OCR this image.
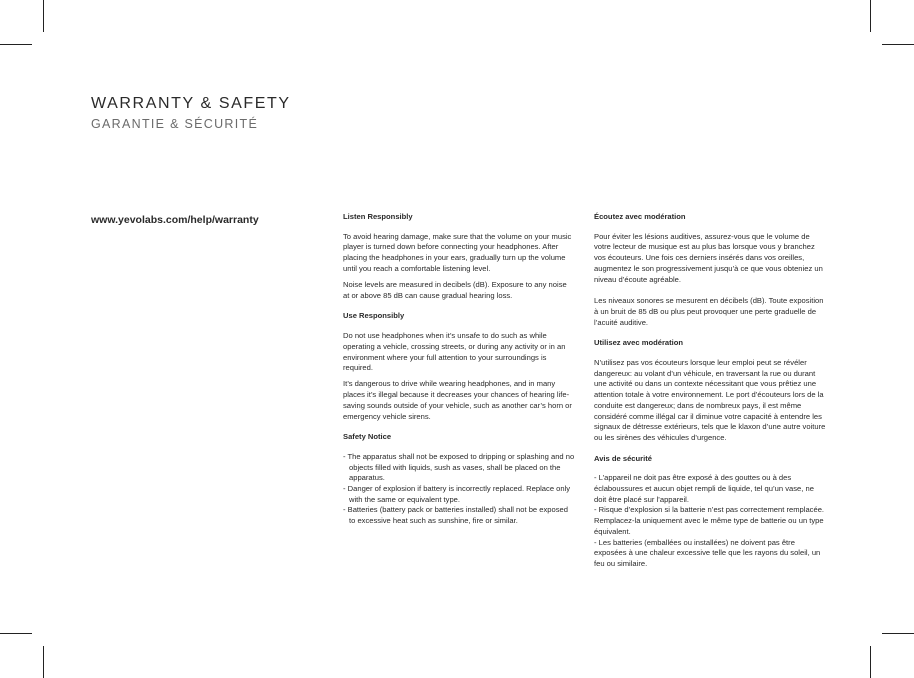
WARRANTY & SAFETY
GARANTIE & SÉCURITÉ
www.yevolabs.com/help/warranty	Listen Responsibly

To avoid hearing damage, make sure that the volume on your music player is turned down before connecting your headphones. After placing the headphones in your ears, gradually turn up the volume until you reach a comfortable listening level.

Noise levels are measured in decibels (dB). Exposure to any noise at or above 85 dB can cause gradual hearing loss.

Use Responsibly

Do not use headphones when it’s unsafe to do such as while operating a vehicle, crossing streets, or during any activity or in an environment where your full attention to your surroundings is required.

It’s dangerous to drive while wearing headphones, and in many places it’s illegal because it decreases your chances of hearing life-saving sounds outside of your vehicle, such as another car’s horn or emergency vehicle sirens.

Safety Notice
- The apparatus shall not be exposed to dripping or splashing and no objects filled with liquids, sush as vases, shall be placed on the apparatus.
- Danger of explosion if battery is incorrectly replaced. Replace only with the same or equivalent type.
- Batteries (battery pack or batteries installed) shall not be exposed to excessive heat such as sunshine, fire or similar.
Écoutez avec modération

Pour éviter les lésions auditives, assurez-vous que le volume de votre lecteur de musique est au plus bas lorsque vous y branchez vos écouteurs. Une fois ces derniers insérés dans vos oreilles, augmentez le son progressivement jusqu’à ce que vous obteniez un niveau d’écoute agréable.

Les niveaux sonores se mesurent en décibels (dB). Toute exposition à un bruit de 85 dB ou plus peut provoquer une perte graduelle de l’acuité auditive.

Utilisez avec modération

N’utilisez pas vos écouteurs lorsque leur emploi peut se révéler dangereux: au volant d’un véhicule, en traversant la rue ou durant une activité ou dans un contexte nécessitant que vous prêtiez une attention totale à votre environnement. Le port d’écouteurs lors de la conduite est dangereux; dans de nombreux pays, il est même considéré comme illégal car il diminue votre capacité à entendre les signaux de détresse extérieurs, tels que le klaxon d’une autre voiture ou les sirènes des véhicules d’urgence.

Avis de sécurité
- L’appareil ne doit pas être exposé à des gouttes ou à des éclaboussures et aucun objet rempli de liquide, tel qu’un vase, ne doit être placé sur l’appareil.
- Risque d’explosion si la batterie n’est pas correctement remplacée. Remplacez-la uniquement avec le même type de batterie ou un type équivalent.
- Les batteries (emballées ou installées) ne doivent pas être exposées à une chaleur excessive telle que les rayons du soleil, un feu ou similaire.
